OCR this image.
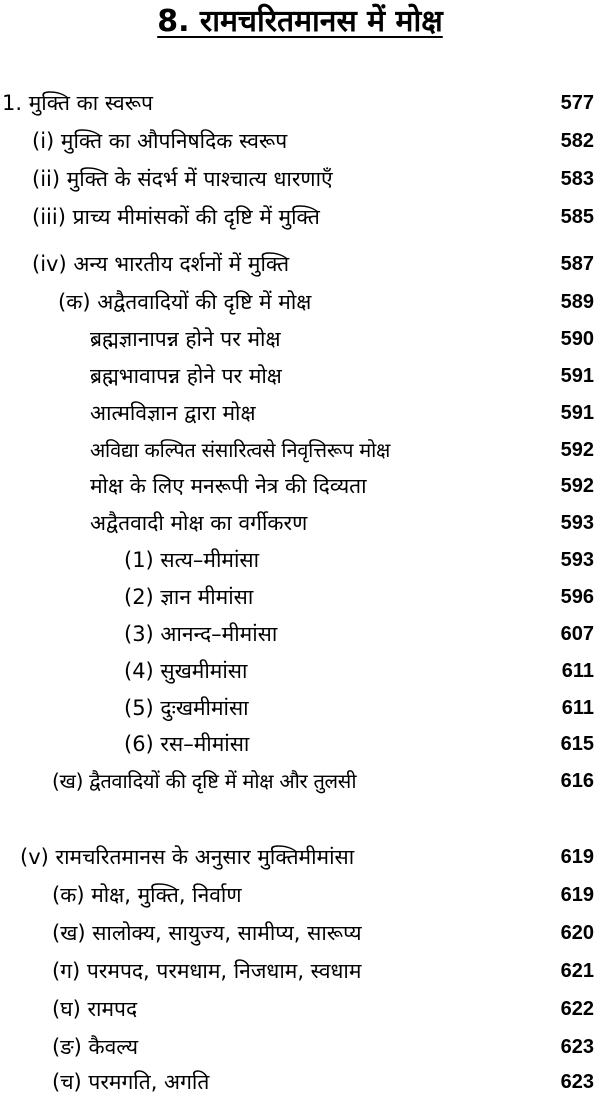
8. रामचरितमानस में मोक्ष
1. मुक्ति का स्वरूप	577
(i) मुक्ति का औपनिषदिक स्वरूप	582
(ii) मुक्ति के संदर्भ में पाश्चात्य धारणाएँ	583
(iii) प्राच्य मीमांसकों की दृष्टि में मुक्ति	585
(iv) अन्य भारतीय दर्शनों में मुक्ति	587
(क) अद्वैतवादियों की दृष्टि में मोक्ष	589
ब्रह्मज्ञानापन्न होने पर मोक्ष	590
ब्रह्मभावापन्न होने पर मोक्ष	591
आत्मविज्ञान द्वारा मोक्ष	591
अविद्या कल्पित संसारित्वसे निवृत्तिरूप मोक्ष	592
मोक्ष के लिए मनरूपी नेत्र की दिव्यता	592
अद्वैतवादी मोक्ष का वर्गीकरण	593
(1) सत्य–मीमांसा	593
(2) ज्ञान मीमांसा	596
(3) आनन्द–मीमांसा	607
(4) सुखमीमांसा	611
(5) दुःखमीमांसा	611
(6) रस–मीमांसा	615
(ख) द्वैतवादियों की दृष्टि में मोक्ष और तुलसी	616
(v) रामचरितमानस के अनुसार मुक्तिमीमांसा	619
(क) मोक्ष, मुक्ति, निर्वाण	619
(ख) सालोक्य, सायुज्य, सामीप्य, सारूप्य	620
(ग) परमपद, परमधाम, निजधाम, स्वधाम	621
(घ) रामपद	622
(ङ) कैवल्य	623
(च) परमगति, अगति	623
